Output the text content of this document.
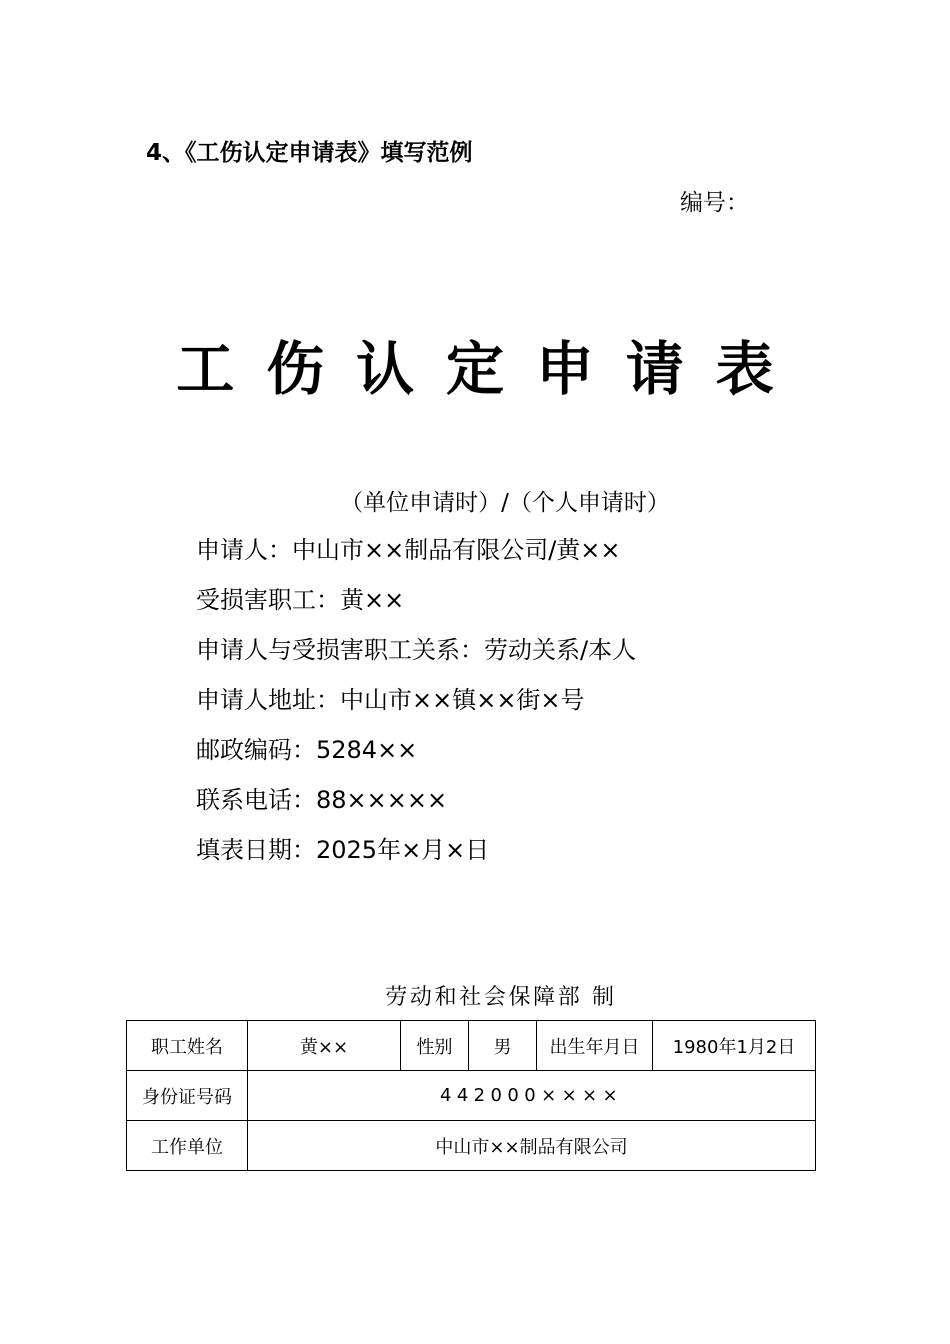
4、《工伤认定申请表》填写范例
编号：
工伤认定申请表
（单位申请时）/（个人申请时）
申请人：中山市××制品有限公司/黄××
受损害职工：黄××
申请人与受损害职工关系：劳动关系/本人
申请人地址：中山市××镇××街×号
邮政编码：5284××
联系电话：88×××××
填表日期：2025年×月×日
劳动和社会保障部 制
职工姓名	黄××	性别	男	出生年月日	1980年1月2日
身份证号码	442000××××				
工作单位	中山市××制品有限公司				
